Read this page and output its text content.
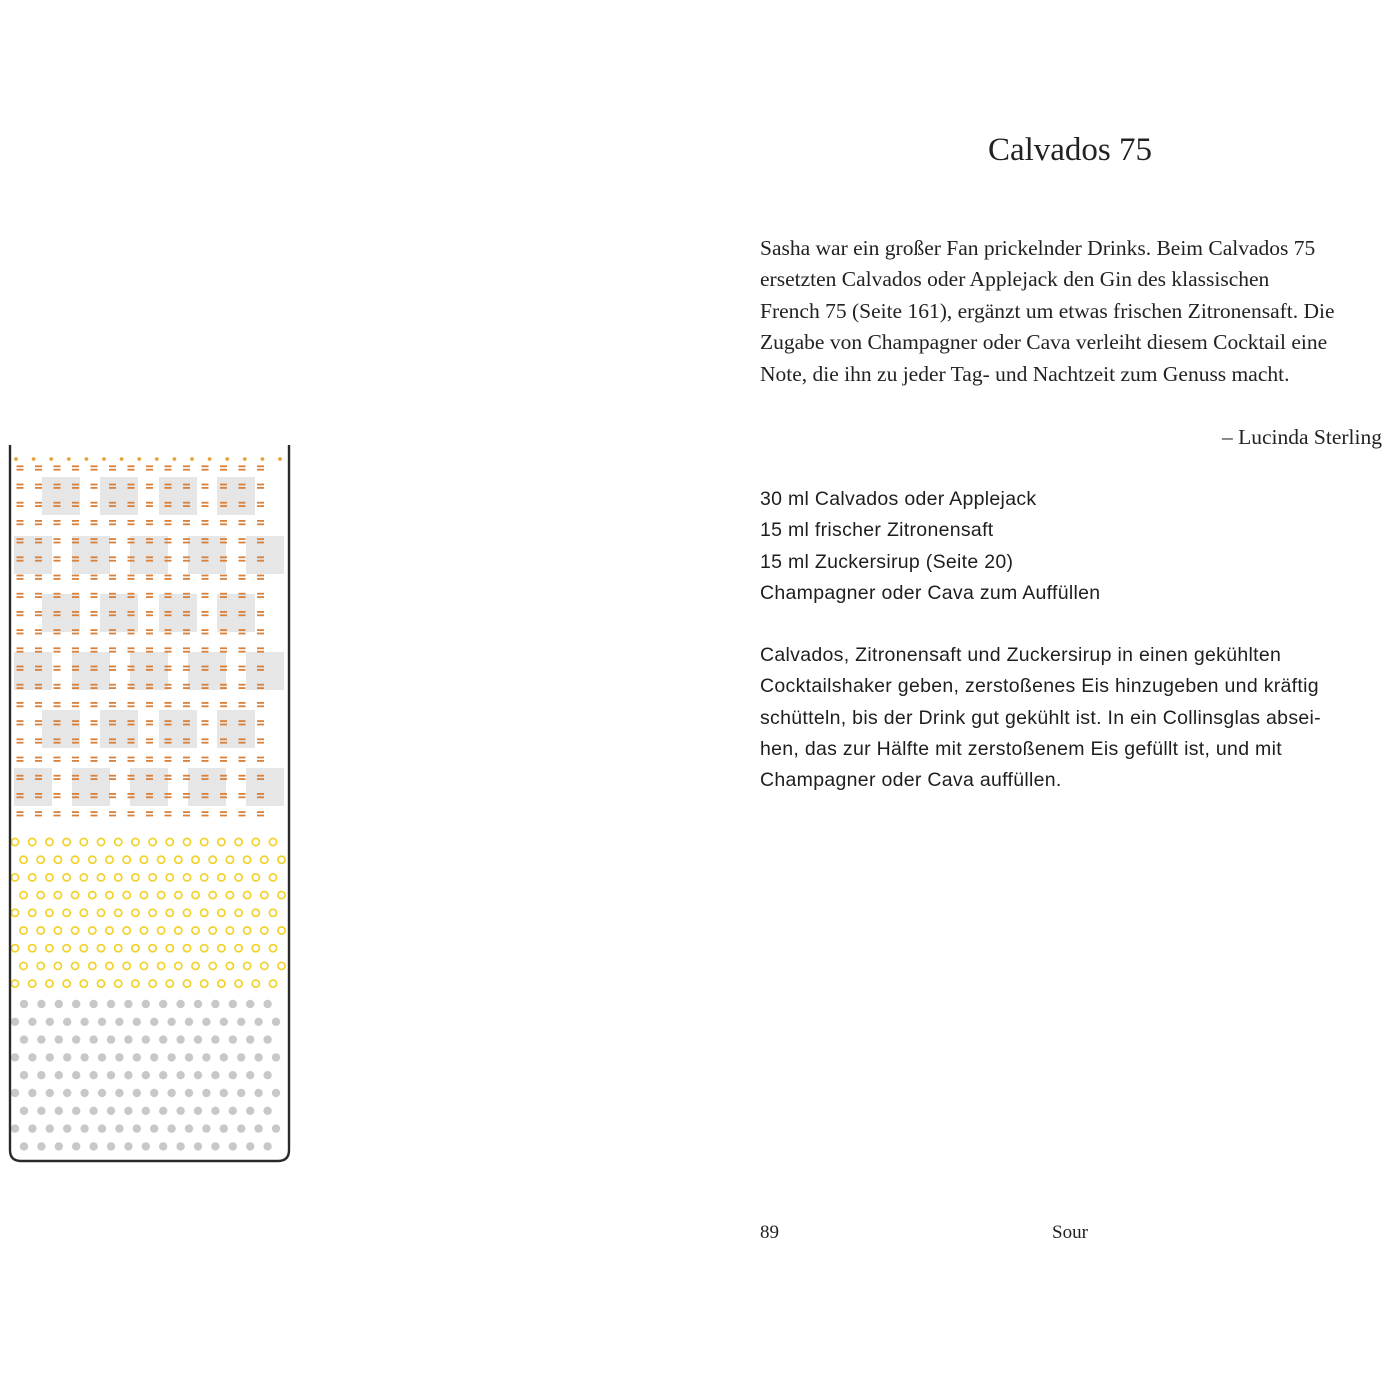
Calvados 75
Sasha war ein großer Fan prickelnder Drinks. Beim Calvados 75
ersetzten Calvados oder Applejack den Gin des klassischen
French 75 (Seite 161), ergänzt um etwas frischen Zitronensaft. Die
Zugabe von Champagner oder Cava verleiht diesem Cocktail eine
Note, die ihn zu jeder Tag- und Nachtzeit zum Genuss macht.
– Lucinda Sterling
30 ml Calvados oder Applejack
15 ml frischer Zitronensaft
15 ml Zuckersirup (Seite 20)
Champagner oder Cava zum Auffüllen
Calvados, Zitronensaft und Zuckersirup in einen gekühlten
Cocktailshaker geben, zerstoßenes Eis hinzugeben und kräftig
schütteln, bis der Drink gut gekühlt ist. In ein Collinsglas absei-
hen, das zur Hälfte mit zerstoßenem Eis gefüllt ist, und mit
Champagner oder Cava auffüllen.
89	Sour
